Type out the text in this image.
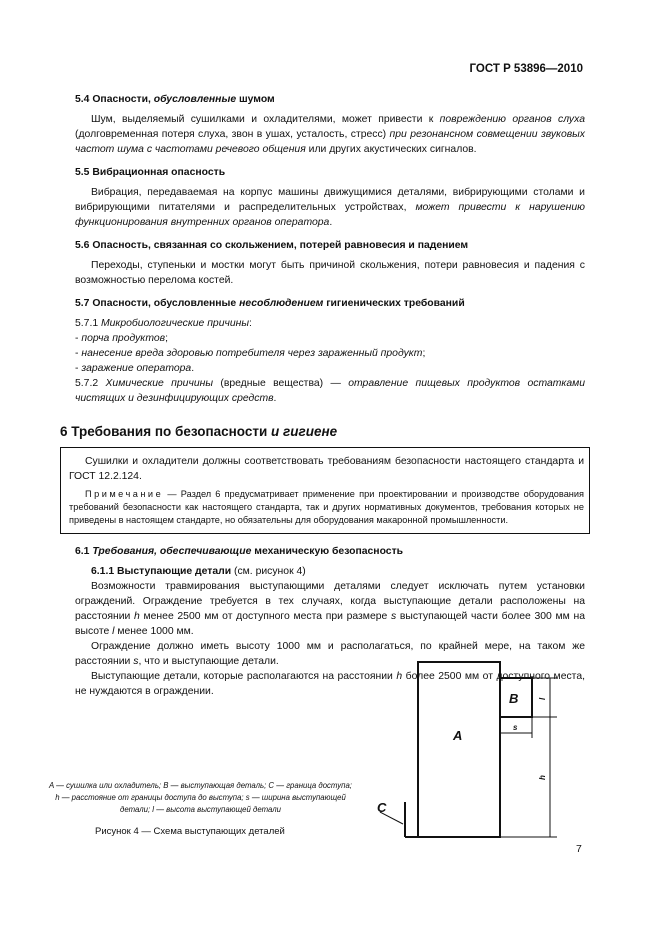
ГОСТ Р 53896—2010
5.4 Опасности, обусловленные шумом
Шум, выделяемый сушилками и охладителями, может привести к повреждению органов слуха (долговременная потеря слуха, звон в ушах, усталость, стресс) при резонансном совмещении звуковых частот шума с частотами речевого общения или других акустических сигналов.
5.5 Вибрационная опасность
Вибрация, передаваемая на корпус машины движущимися деталями, вибрирующими столами и вибрирующими питателями и распределительных устройствах, может привести к нарушению функционирования внутренних органов оператора.
5.6 Опасность, связанная со скольжением, потерей равновесия и падением
Переходы, ступеньки и мостки могут быть причиной скольжения, потери равновесия и падения с возможностью перелома костей.
5.7 Опасности, обусловленные несоблюдением гигиенических требований
5.7.1 Микробиологические причины:
- порча продуктов;
- нанесение вреда здоровью потребителя через зараженный продукт;
- заражение оператора.
5.7.2 Химические причины (вредные вещества) — отравление пищевых продуктов остатками чистящих и дезинфицирующих средств.
6 Требования по безопасности и гигиене
Сушилки и охладители должны соответствовать требованиям безопасности настоящего стандарта и ГОСТ 12.2.124.
Примечание — Раздел 6 предусматривает применение при проектировании и производстве оборудования требований безопасности как настоящего стандарта, так и других нормативных документов, требования которых не приведены в настоящем стандарте, но обязательны для оборудования макаронной промышленности.
6.1 Требования, обеспечивающие механическую безопасность
6.1.1 Выступающие детали (см. рисунок 4)
Возможности травмирования выступающими деталями следует исключать путем установки ограждений. Ограждение требуется в тех случаях, когда выступающие детали расположены на расстоянии h менее 2500 мм от доступного места при размере s выступающей части более 300 мм на высоте l менее 1000 мм.
Ограждение должно иметь высоту 1000 мм и располагаться, по крайней мере, на таком же расстоянии s, что и выступающие детали.
Выступающие детали, которые располагаются на расстоянии h более 2500 мм от доступного места, не нуждаются в ограждении.
A
B
C
s
h
l
A — сушилка или охладитель; B — выступающая деталь; C — граница доступа; h — расстояние от границы доступа до выступа; s — ширина выступающей детали; l — высота выступающей детали
Рисунок 4 — Схема выступающих деталей
7
